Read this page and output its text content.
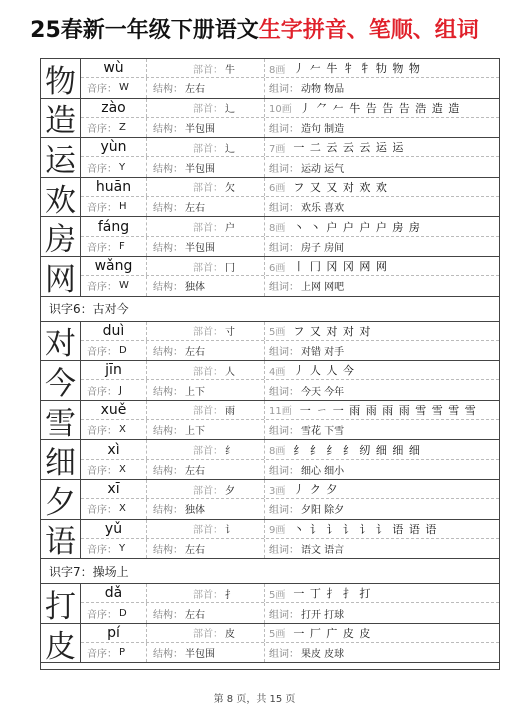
25春新一年级下册语文生字拼音、笔顺、组词
物	wù	部首： 牛	8画 丿 𠂉 牛 牜 牜 牞 物 物
音序： W 结构： 左右	组词： 动物 物品
造	zào	部首： 辶	10画 丿 ⺈ 𠂉 牛 告 告 告 浩 造 造
音序： Z	结构： 半包围	组词： 造句 制造
运	yùn	部首： 辶	7画 一 二 云 云 云 运 运
音序： Y	结构： 半包围	组词： 运动 运气
欢	huān	部首： 欠	6画 フ 又 又 对 欢 欢
音序： H	结构： 左右	组词： 欢乐 喜欢
房	fáng	部首： 户	8画 丶 丶 户 户 户 户 房 房
音序： F	结构： 半包围	组词： 房子 房间
网	wǎng	部首： 冂	6画 丨 冂 冈 冈 网 网
音序： W 结构： 独体	组词： 上网 网吧
识字6：古对今
对	duì	部首： 寸	5画 フ 又 对 对 对
音序： D	结构： 左右	组词： 对错 对手
今	jīn	部首： 人	4画 丿 人 人 今
音序： J	结构： 上下	组词： 今天 今年
雪	xuě	部首： 雨	11画 一 ㄧ 一 雨 雨 雨 雨 雪 雪 雪 雪
音序： X	结构： 上下	组词： 雪花 下雪
细	xì	部首： 纟	8画 纟 纟 纟 纟 纫 细 细 细
音序： X	结构： 左右	组词： 细心 细小
夕	xī	部首： 夕	3画 丿 ク 夕
音序： X	结构： 独体	组词： 夕阳 除夕
语	yǔ	部首： 讠	9画 丶 讠 讠 讠 讠 讠 语 语 语
音序： Y	结构： 左右	组词： 语文 语言
识字7：操场上
打	dǎ	部首： 扌	5画 一 丁 扌 扌 打
音序： D	结构： 左右	组词： 打开 打球
皮	pí	部首： 皮	5画 一 厂 广 皮 皮
音序： P	结构： 半包围	组词： 果皮 皮球
第 8 页，共 15 页
